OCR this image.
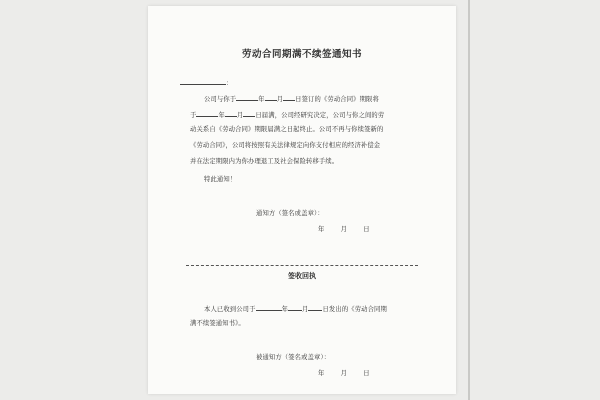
劳动合同期满不续签通知书
：
公司与你于	年 月 日签订的《劳动合同》期限将
于	年 月 日届满，公司经研究决定，公司与你之间的劳
动关系自《劳动合同》期限届满之日起终止。公司不再与你续签新的
《劳动合同》，公司将按照有关法律规定向你支付相应的经济补偿金
并在法定期限内为你办理退工及社会保险转移手续。
特此通知！
通知方（签名或盖章）：
年	月	日
签收回执
本人已收到公司于	年 月 日发出的《劳动合同期
满不续签通知书》。
被通知方（签名或盖章）：
年	月	日
